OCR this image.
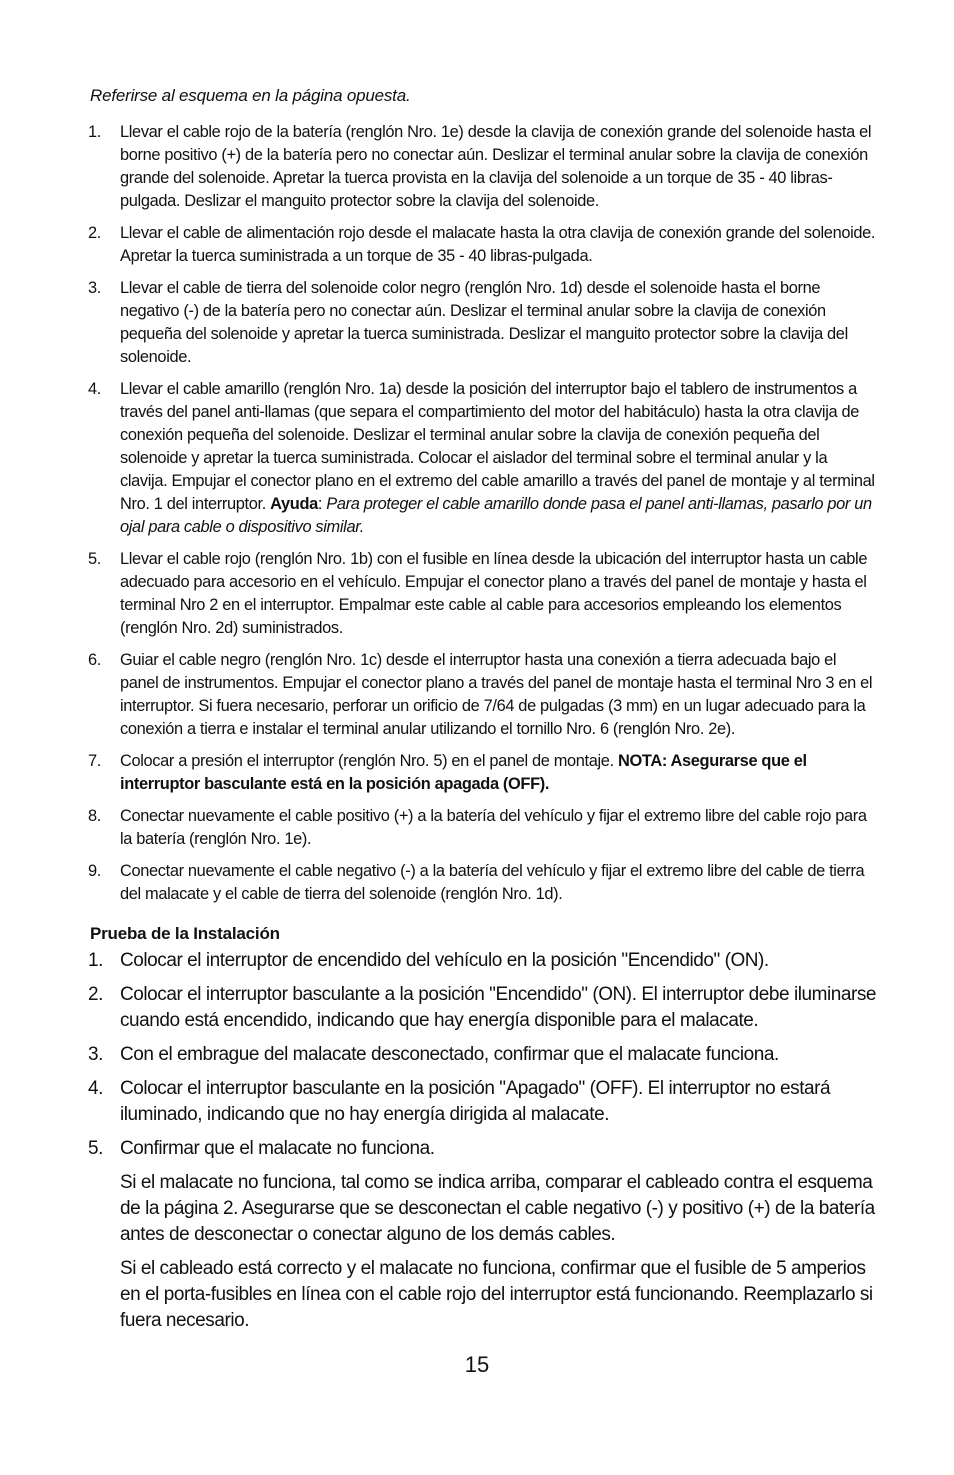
Referirse al esquema en la página opuesta.
1.	Llevar el cable rojo de la batería (renglón Nro. 1e) desde la clavija de conexión grande del solenoide hasta el borne positivo (+) de la batería pero no conectar aún. Deslizar el terminal anular sobre la clavija de conexión grande del solenoide. Apretar la tuerca provista en la clavija del solenoide a un torque de 35 - 40 libras-pulgada. Deslizar el manguito protector sobre la clavija del solenoide.
2.	Llevar el cable de alimentación rojo desde el malacate hasta la otra clavija de conexión grande del solenoide. Apretar la tuerca suministrada a un torque de 35 - 40 libras-pulgada.
3.	Llevar el cable de tierra del solenoide color negro (renglón Nro. 1d) desde el solenoide hasta el borne negativo (-) de la batería pero no conectar aún. Deslizar el terminal anular sobre la clavija de conexión pequeña del solenoide y apretar la tuerca suministrada. Deslizar el manguito protector sobre la clavija del solenoide.
4.	Llevar el cable amarillo (renglón Nro. 1a) desde la posición del interruptor bajo el tablero de instrumentos a través del panel anti-llamas (que separa el compartimiento del motor del habitáculo) hasta la otra clavija de conexión pequeña del solenoide. Deslizar el terminal anular sobre la clavija de conexión pequeña del solenoide y apretar la tuerca suministrada. Colocar el aislador del terminal sobre el terminal anular y la clavija. Empujar el conector plano en el extremo del cable amarillo a través del panel de montaje y al terminal Nro. 1 del interruptor. Ayuda: Para proteger el cable amarillo donde pasa el panel anti-llamas, pasarlo por un ojal para cable o dispositivo similar.
5.	Llevar el cable rojo (renglón Nro. 1b) con el fusible en línea desde la ubicación del interruptor hasta un cable adecuado para accesorio en el vehículo. Empujar el conector plano a través del panel de montaje y hasta el terminal Nro 2 en el interruptor. Empalmar este cable al cable para accesorios empleando los elementos (renglón Nro. 2d) suministrados.
6.	Guiar el cable negro (renglón Nro. 1c) desde el interruptor hasta una conexión a tierra adecuada bajo el panel de instrumentos. Empujar el conector plano a través del panel de montaje hasta el terminal Nro 3 en el interruptor. Si fuera necesario, perforar un orificio de 7/64 de pulgadas (3 mm) en un lugar adecuado para la conexión a tierra e instalar el terminal anular utilizando el tornillo Nro. 6 (renglón Nro. 2e).
7.	Colocar a presión el interruptor (renglón Nro. 5) en el panel de montaje. NOTA: Asegurarse que el interruptor basculante está en la posición apagada (OFF).
8.	Conectar nuevamente el cable positivo (+) a la batería del vehículo y fijar el extremo libre del cable rojo para la batería (renglón Nro. 1e).
9.	Conectar nuevamente el cable negativo (-) a la batería del vehículo y fijar el extremo libre del cable de tierra del malacate y el cable de tierra del solenoide (renglón Nro. 1d).
Prueba de la Instalación
1. Colocar el interruptor de encendido del vehículo en la posición "Encendido" (ON).
2. Colocar el interruptor basculante a la posición "Encendido" (ON). El interruptor debe iluminarse cuando está encendido, indicando que hay energía disponible para el malacate.
3. Con el embrague del malacate desconectado, confirmar que el malacate funciona.
4. Colocar el interruptor basculante en la posición "Apagado" (OFF). El interruptor no estará iluminado, indicando que no hay energía dirigida al malacate.
5. Confirmar que el malacate no funciona.

Si el malacate no funciona, tal como se indica arriba, comparar el cableado contra el esquema de la página 2. Asegurarse que se desconectan el cable negativo (-) y positivo (+) de la batería antes de desconectar o conectar alguno de los demás cables.

Si el cableado está correcto y el malacate no funciona, confirmar que el fusible de 5 amperios en el porta-fusibles en línea con el cable rojo del interruptor está funcionando. Reemplazarlo si fuera necesario.

15
